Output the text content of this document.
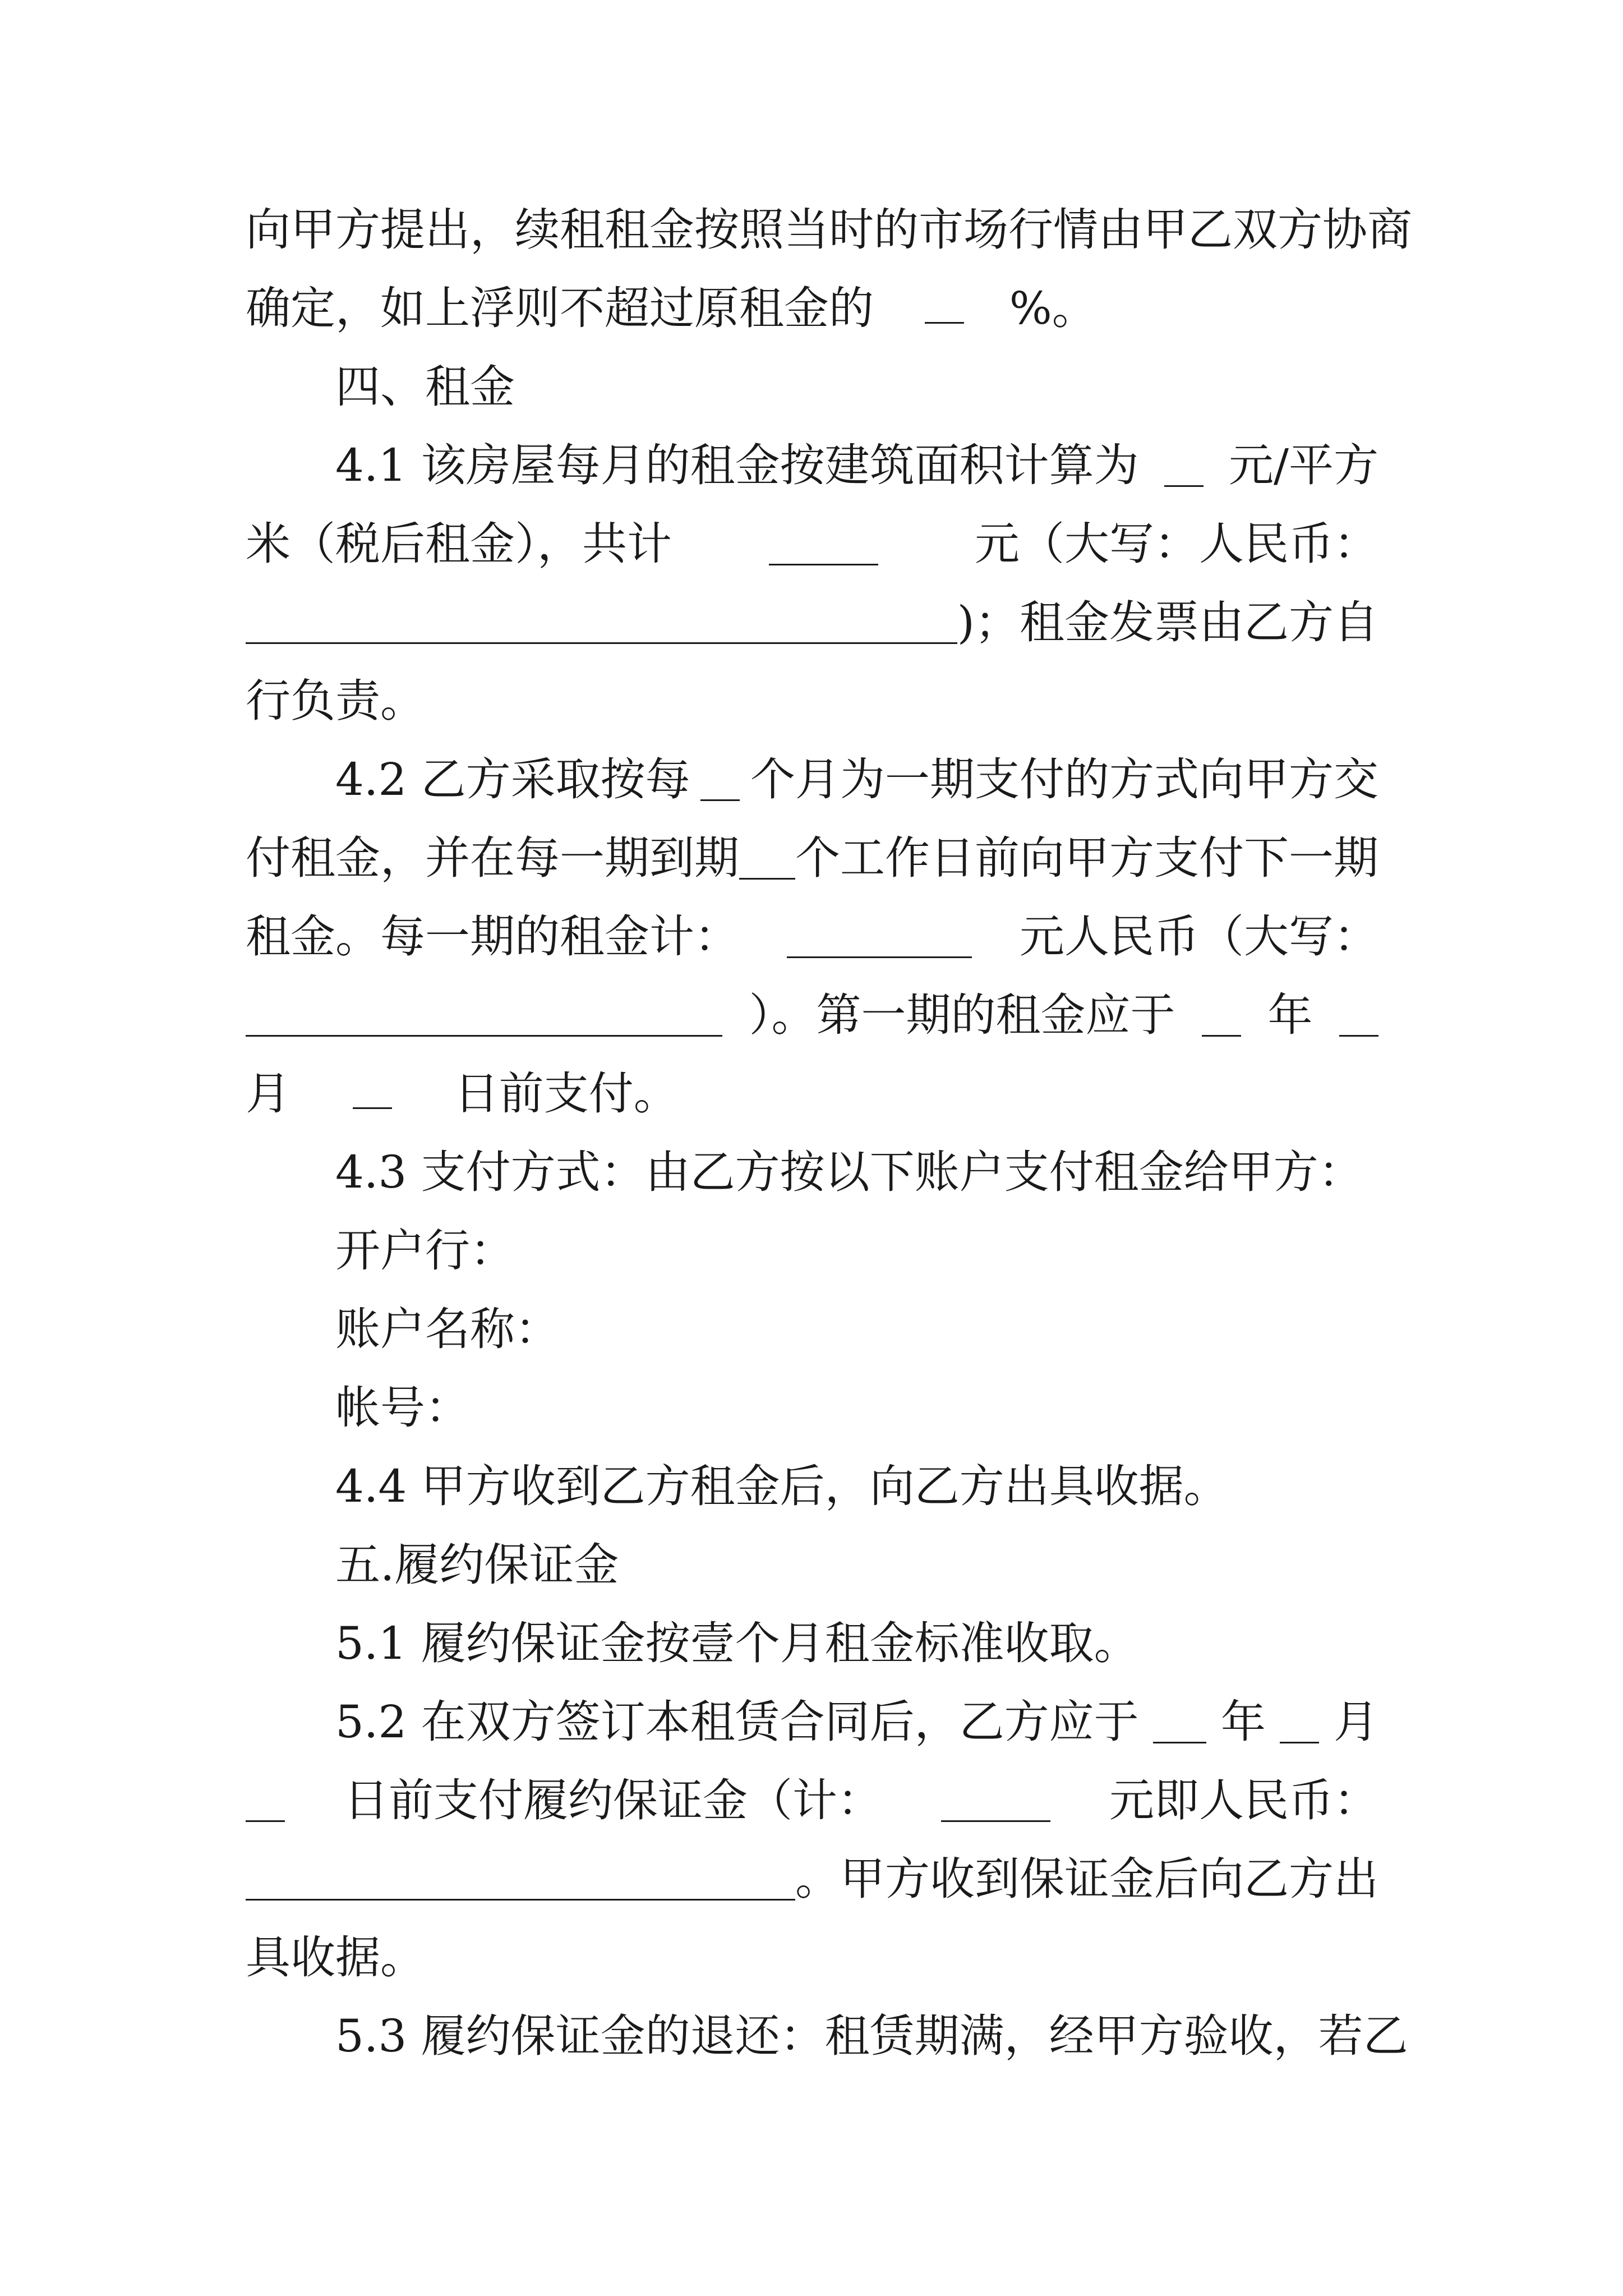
向甲方提出，续租租金按照当时的市场行情由甲乙双方协商
确定，如上浮则不超过原租金的	%。
四、租金
4.1 该房屋每月的租金按建筑面积计算为 元/平方
米（税后租金），共计	元（大写：人民币：
)；租金发票由乙方自
行负责。
4.2 乙方采取按每 个月为一期支付的方式向甲方交
付租金，并在每一期到期 个工作日前向甲方支付下一期
租金。每一期的租金计：	元人民币（大写：
）。第一期的租金应于 年
月	日前支付。
4.3 支付方式：由乙方按以下账户支付租金给甲方：
开户行：
账户名称：
帐号：
4.4 甲方收到乙方租金后，向乙方出具收据。
五.履约保证金
5.1 履约保证金按壹个月租金标准收取。
5.2 在双方签订本租赁合同后，乙方应于 年 月
日前支付履约保证金（计：	元即人民币：
。甲方收到保证金后向乙方出
具收据。
5.3 履约保证金的退还：租赁期满，经甲方验收，若乙
